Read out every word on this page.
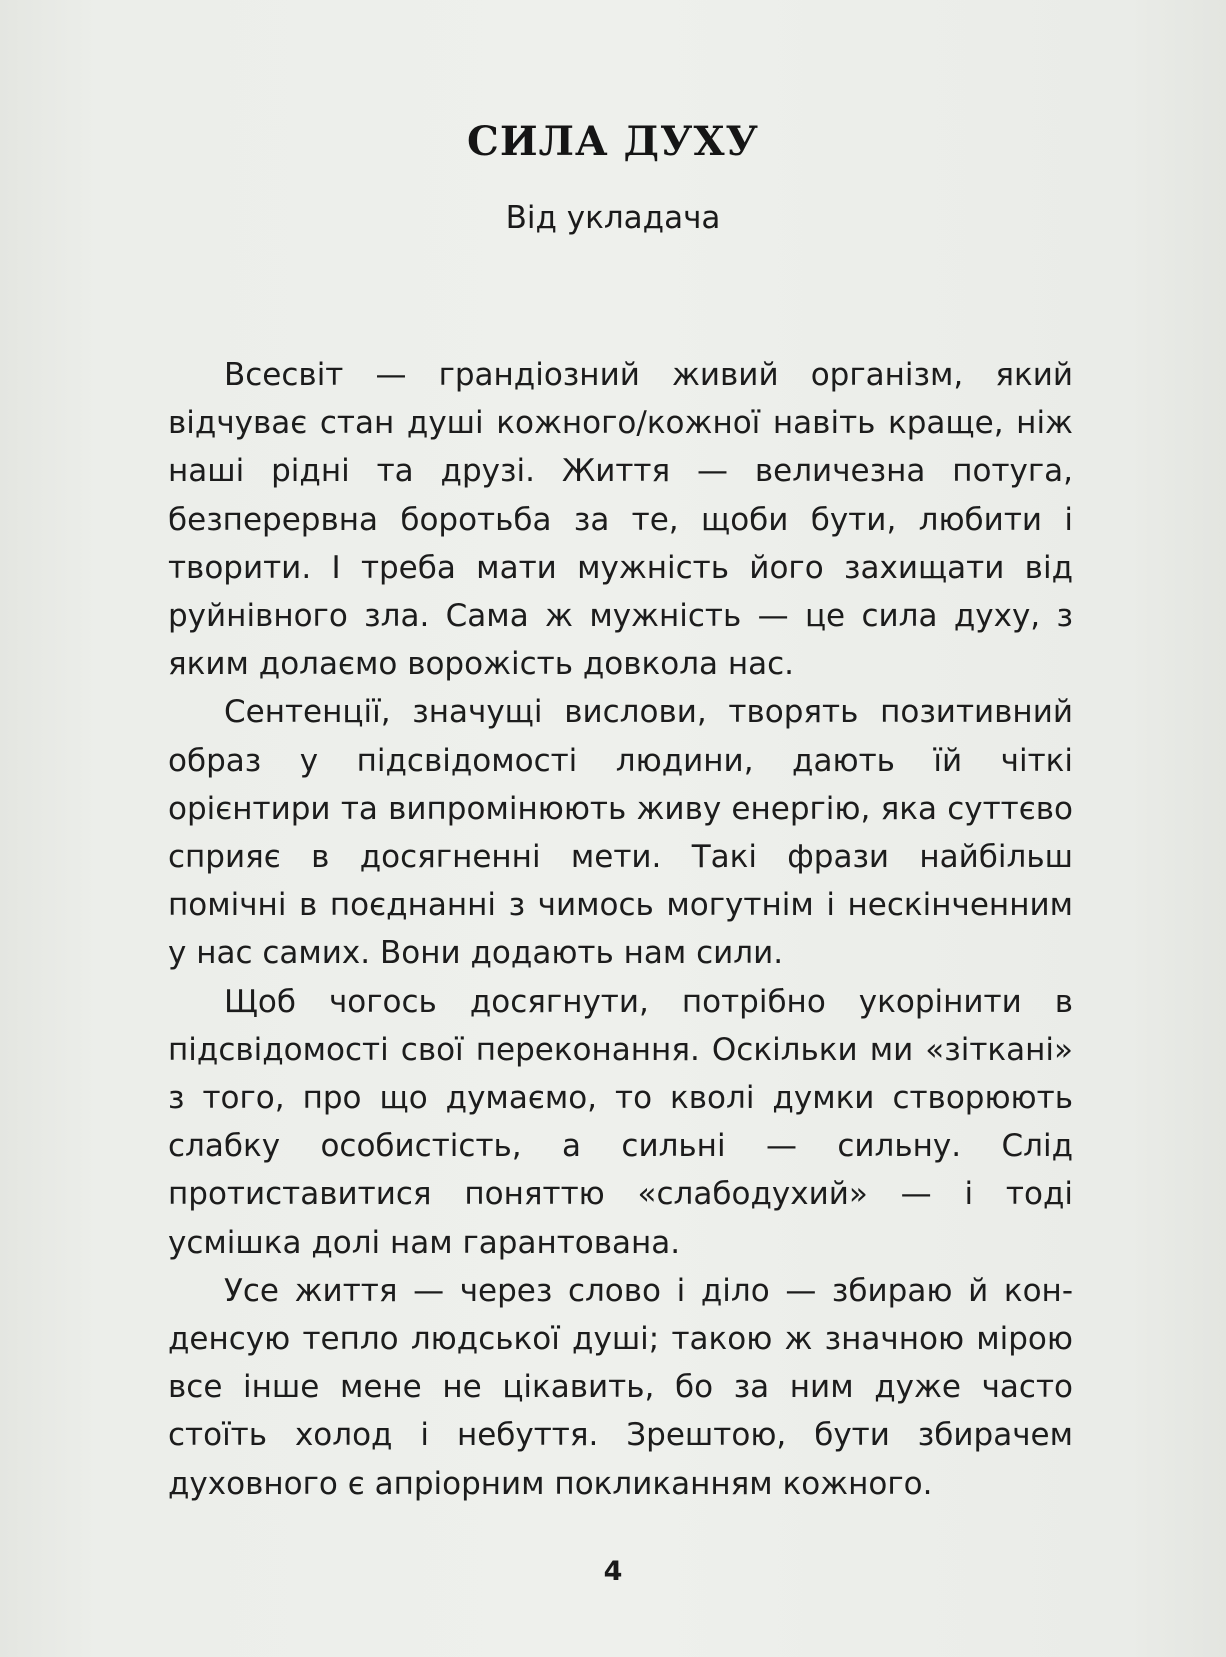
СИЛА ДУХУ
Від укладача

Всесвіт — грандіозний живий організм, який відчуває стан душі кожного/кожної навіть краще, ніж наші рідні та друзі. Життя — величезна потуга, безперервна боротьба за те, щоби бути, любити і творити. І треба мати мужність його захищати від руйнівного зла. Сама ж мужність — це сила духу, з яким долаємо ворожість довкола нас.

Сентенції, значущі вислови, творять позитивний образ у підсвідомості людини, дають їй чіткі орієнтири та випромінюють живу енергію, яка суттєво сприяє в досягненні мети. Такі фрази найбільш помічні в поєднанні з чимось могутнім і нескінченним у нас самих. Вони додають нам сили.

Щоб чогось досягнути, потрібно укорінити в підсвідомості свої переконання. Оскільки ми «зіткані» з того, про що думаємо, то кволі думки створюють слабку особистість, а сильні — сильну. Слід протиставитися поняттю «слабодухий» — і тоді усмішка долі нам гарантована.

Усе життя — через слово і діло — збираю й конденсую тепло людської душі; такою ж значною мірою все інше мене не цікавить, бо за ним дуже часто стоїть холод і небуття. Зрештою, бути збирачем духовного є апріорним покликанням кожного.

4
